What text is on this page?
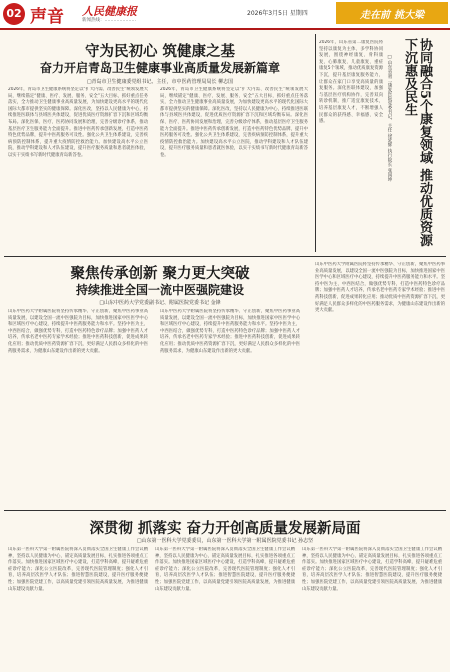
02 声音 人民健康报
新闻热线：…………………
2026年3月5日 星期四	走在前 挑大梁
守为民初心 筑健康之基
奋力开启青岛卫生健康事业高质量发展新篇章
□青岛市卫生健康委党组书记、主任，市中医药管理局局长 柳志国
2026年，青岛市卫生健康系统将坚定以“扩大内需、改善民生”统领发展大局，继续锚定“健康、医疗、发展、服务、安全”五大目标，抓好重点任务落实，全力推动卫生健康事业高质量发展，为加快建设更高水平的现代化国际大都市提供坚实的健康保障。深化医改，坚持以人民健康为中心，持续推进医联体与县域医共体建设，促进优质医疗资源扩容下沉和区域均衡布局。深化医保、医疗、医药协同发展和治理，完善分级诊疗体系，推动基层医疗卫生服务能力全面提升。推进中医药传承创新发展，打造中医药特色优势品牌，提升中医药服务可及性。强化公共卫生体系建设，完善疾病预防控制体系，提升重大疫情防控救治能力。加快建设高水平公立医院，推动学科建设和人才队伍建设，提升医疗服务质量和患者就医体验，以实干实绩书写新时代健康青岛新答卷。
2026年，青岛市卫生健康系统将坚定以“扩大内需、改善民生”统领发展大局，继续锚定“健康、医疗、发展、服务、安全”五大目标，抓好重点任务落实，全力推动卫生健康事业高质量发展，为加快建设更高水平的现代化国际大都市提供坚实的健康保障。深化医改，坚持以人民健康为中心，持续推进医联体与县域医共体建设，促进优质医疗资源扩容下沉和区域均衡布局。深化医保、医疗、医药协同发展和治理，完善分级诊疗体系，推动基层医疗卫生服务能力全面提升。推进中医药传承创新发展，打造中医药特色优势品牌，提升中医药服务可及性。强化公共卫生体系建设，完善疾病预防控制体系，提升重大疫情防控救治能力。加快建设高水平公立医院，推动学科建设和人才队伍建设，提升医疗服务质量和患者就医体验，以实干实绩书写新时代健康青岛新答卷。
2026年，山东省第二康复医院将坚持以康复为主体、多学科协同发展，围绕神经康复、骨科康复、心肺康复、儿童康复、重症康复5个领域，推动优质康复资源下沉，提升基层康复服务能力，让群众在家门口享受高质量的康复服务。深化医联体建设，加强与基层医疗机构协作，完善双向转诊机制，推广适宜康复技术，培养基层康复人才，不断增强人民群众的获得感、幸福感、安全感。	□山东省第二康复医院党委书记、主任 徐延辉 执行院长 张国坤	协同融合5个康复领域 推动优质资源下沉惠及民生
聚焦传承创新 聚力更大突破
持续推进全国一流中医强院建设
□山东中医药大学党委副书记、附属医院党委书记 金锋
山东中医药大学附属医院将坚持传承精华、守正创新，聚焦中医药事业高质量发展，以建设全国一流中医强院为目标，加快推进国家中医医学中心和区域医疗中心建设，持续提升中医药服务能力和水平。坚持中医为主、中西医结合，做强优势专科，打造中医药特色诊疗品牌；加强中医药人才培养，传承名老中医药专家学术经验；推进中医药科技创新，促进成果转化应用；推动优质中医药资源扩容下沉，更好满足人民群众多样化的中医药服务需求，为健康山东建设作出新的更大贡献。
山东中医药大学附属医院将坚持传承精华、守正创新，聚焦中医药事业高质量发展，以建设全国一流中医强院为目标，加快推进国家中医医学中心和区域医疗中心建设，持续提升中医药服务能力和水平。坚持中医为主、中西医结合，做强优势专科，打造中医药特色诊疗品牌；加强中医药人才培养，传承名老中医药专家学术经验；推进中医药科技创新，促进成果转化应用；推动优质中医药资源扩容下沉，更好满足人民群众多样化的中医药服务需求，为健康山东建设作出新的更大贡献。
山东中医药大学附属医院将坚持传承精华、守正创新，聚焦中医药事业高质量发展，以建设全国一流中医强院为目标，加快推进国家中医医学中心和区域医疗中心建设，持续提升中医药服务能力和水平。坚持中医为主、中西医结合，做强优势专科，打造中医药特色诊疗品牌；加强中医药人才培养，传承名老中医药专家学术经验；推进中医药科技创新，促进成果转化应用；推动优质中医药资源扩容下沉，更好满足人民群众多样化的中医药服务需求，为健康山东建设作出新的更大贡献。
深贯彻 抓落实 奋力开创高质量发展新局面
□山东第一医科大学党委委员，山东第一医科大学第一附属医院党委书记 孙志坚
山东第一医科大学第一附属医院将深入贯彻落实全国卫生健康工作会议精神，坚持以人民健康为中心，锚定高质量发展目标，扎实推进各项重点工作落实。加快推进国家区域医疗中心建设，打造学科高峰，提升疑难危重症诊疗能力；深化公立医院改革，完善现代医院管理制度；强化人才引育，培养高层次医学人才队伍；推进智慧医院建设，提升医疗服务便捷性；加强医院党建工作，以高质量党建引领医院高质量发展，为推进健康山东建设贡献力量。
山东第一医科大学第一附属医院将深入贯彻落实全国卫生健康工作会议精神，坚持以人民健康为中心，锚定高质量发展目标，扎实推进各项重点工作落实。加快推进国家区域医疗中心建设，打造学科高峰，提升疑难危重症诊疗能力；深化公立医院改革，完善现代医院管理制度；强化人才引育，培养高层次医学人才队伍；推进智慧医院建设，提升医疗服务便捷性；加强医院党建工作，以高质量党建引领医院高质量发展，为推进健康山东建设贡献力量。
山东第一医科大学第一附属医院将深入贯彻落实全国卫生健康工作会议精神，坚持以人民健康为中心，锚定高质量发展目标，扎实推进各项重点工作落实。加快推进国家区域医疗中心建设，打造学科高峰，提升疑难危重症诊疗能力；深化公立医院改革，完善现代医院管理制度；强化人才引育，培养高层次医学人才队伍；推进智慧医院建设，提升医疗服务便捷性；加强医院党建工作，以高质量党建引领医院高质量发展，为推进健康山东建设贡献力量。
